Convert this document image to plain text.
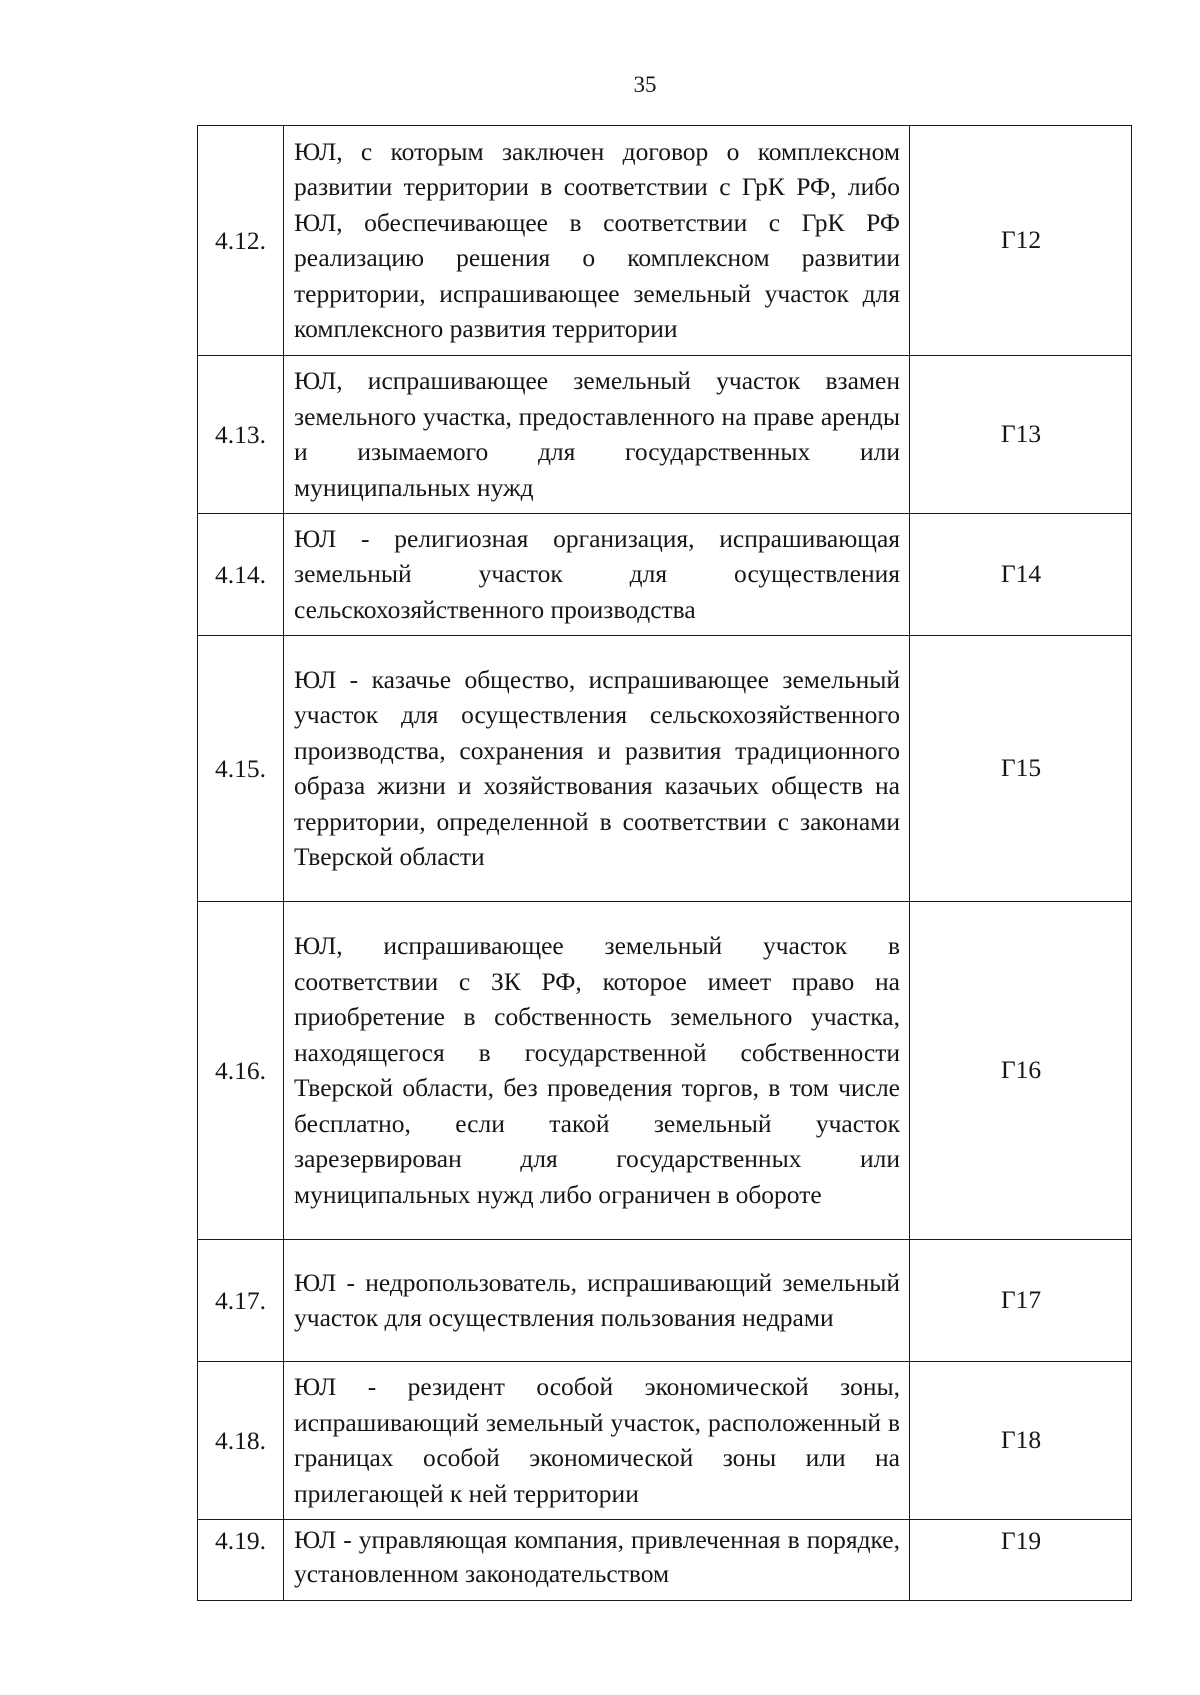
35
4.12.	ЮЛ, с которым заключен договор о комплексном развитии территории в соответствии с ГрК РФ, либо ЮЛ, обеспечивающее в соответствии с ГрК РФ реализацию решения о комплексном развитии территории, испрашивающее земельный участок для комплексного развития территории	Г12
4.13.	ЮЛ, испрашивающее земельный участок взамен земельного участка, предоставленного на праве аренды и изымаемого для государственных или муниципальных нужд	Г13
4.14.	ЮЛ - религиозная организация, испрашивающая земельный участок для осуществления сельскохозяйственного производства	Г14
4.15.	ЮЛ - казачье общество, испрашивающее земельный участок для осуществления сельскохозяйственного производства, сохранения и развития традиционного образа жизни и хозяйствования казачьих обществ на территории, определенной в соответствии с законами Тверской области	Г15
4.16.	ЮЛ, испрашивающее земельный участок в соответствии с ЗК РФ, которое имеет право на приобретение в собственность земельного участка, находящегося в государственной собственности Тверской области, без проведения торгов, в том числе бесплатно, если такой земельный участок зарезервирован для государственных или муниципальных нужд либо ограничен в обороте	Г16
4.17.	ЮЛ - недропользователь, испрашивающий земельный участок для осуществления пользования недрами	Г17
4.18.	ЮЛ - резидент особой экономической зоны, испрашивающий земельный участок, расположенный в границах особой экономической зоны или на прилегающей к ней территории	Г18
4.19.	ЮЛ - управляющая компания, привлеченная в порядке, установленном законодательством	Г19
